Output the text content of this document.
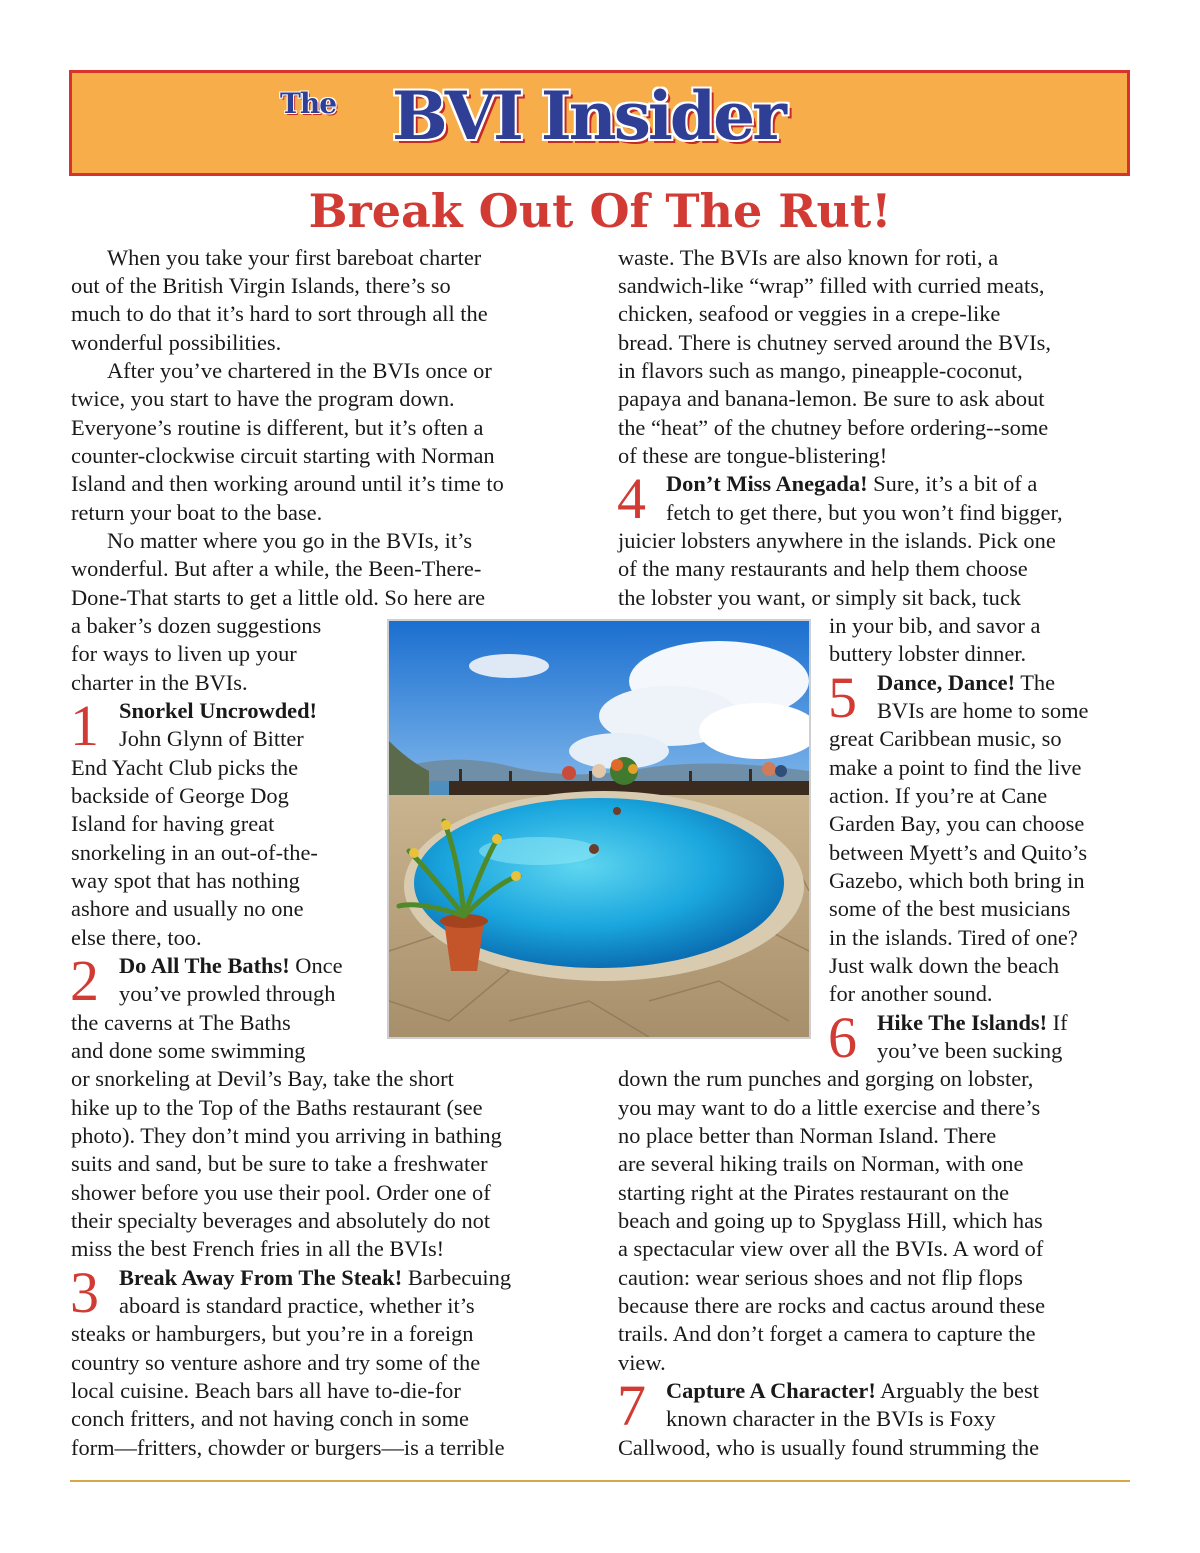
The BVI Insider
Break Out Of The Rut!

When you take your first bareboat charter

out of the British Virgin Islands, there’s so

much to do that it’s hard to sort through all the

wonderful possibilities.

After you’ve chartered in the BVIs once or

twice, you start to have the program down.

Everyone’s routine is different, but it’s often a

counter-clockwise circuit starting with Norman

Island and then working around until it’s time to

return your boat to the base.

No matter where you go in the BVIs, it’s

wonderful. But after a while, the Been-There-

Done-That starts to get a little old. So here are

a baker’s dozen suggestions

for ways to liven up your

charter in the BVIs.

1 Snorkel Uncrowded!

John Glynn of Bitter

End Yacht Club picks the

backside of George Dog

Island for having great

snorkeling in an out-of-the-

way spot that has nothing

ashore and usually no one

else there, too.

2 Do All The Baths! Once

you’ve prowled through

the caverns at The Baths

and done some swimming

or snorkeling at Devil’s Bay, take the short

hike up to the Top of the Baths restaurant (see

photo). They don’t mind you arriving in bathing

suits and sand, but be sure to take a freshwater

shower before you use their pool. Order one of

their specialty beverages and absolutely do not

miss the best French fries in all the BVIs!

3 Break Away From The Steak! Barbecuing

aboard is standard practice, whether it’s

steaks or hamburgers, but you’re in a foreign

country so venture ashore and try some of the

local cuisine. Beach bars all have to-die-for

conch fritters, and not having conch in some

form—fritters, chowder or burgers—is a terrible

waste. The BVIs are also known for roti, a

sandwich-like “wrap” filled with curried meats,

chicken, seafood or veggies in a crepe-like

bread. There is chutney served around the BVIs,

in flavors such as mango, pineapple-coconut,

papaya and banana-lemon. Be sure to ask about

the “heat” of the chutney before ordering--some

of these are tongue-blistering!

4 Don’t Miss Anegada! Sure, it’s a bit of a

fetch to get there, but you won’t find bigger,

juicier lobsters anywhere in the islands. Pick one

of the many restaurants and help them choose

the lobster you want, or simply sit back, tuck

in your bib, and savor a

buttery lobster dinner.

5 Dance, Dance! The

BVIs are home to some

great Caribbean music, so

make a point to find the live

action. If you’re at Cane

Garden Bay, you can choose

between Myett’s and Quito’s

Gazebo, which both bring in

some of the best musicians

in the islands. Tired of one?

Just walk down the beach

for another sound.

6 Hike The Islands! If

you’ve been sucking

down the rum punches and gorging on lobster,

you may want to do a little exercise and there’s

no place better than Norman Island. There

are several hiking trails on Norman, with one

starting right at the Pirates restaurant on the

beach and going up to Spyglass Hill, which has

a spectacular view over all the BVIs. A word of

caution: wear serious shoes and not flip flops

because there are rocks and cactus around these

trails. And don’t forget a camera to capture the

view.

7 Capture A Character! Arguably the best

known character in the BVIs is Foxy

Callwood, who is usually found strumming the
